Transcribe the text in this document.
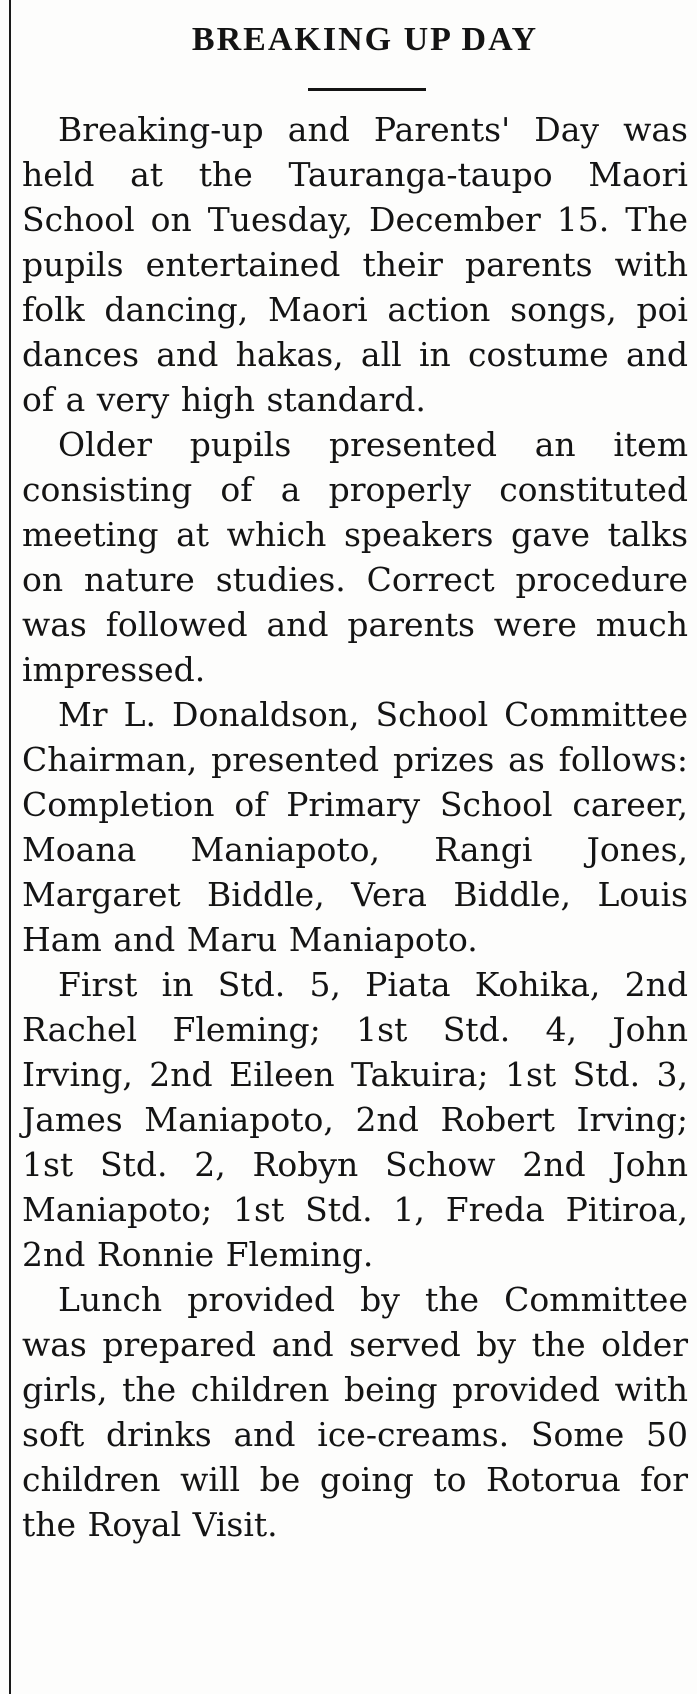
BREAKING UP DAY

Breaking-up and Parents' Day was held at the Tauranga-taupo Maori School on Tuesday, December 15. The pupils entertained their parents with folk dancing, Maori action songs, poi dances and hakas, all in costume and of a very high standard.

Older pupils presented an item consisting of a properly constituted meeting at which speakers gave talks on nature studies. Correct procedure was followed and parents were much impressed.

Mr L. Donaldson, School Committee Chairman, presented prizes as follows: Completion of Primary School career, Moana Maniapoto, Rangi Jones, Margaret Biddle, Vera Biddle, Louis Ham and Maru Maniapoto.

First in Std. 5, Piata Kohika, 2nd Rachel Fleming; 1st Std. 4, John Irving, 2nd Eileen Takuira; 1st Std. 3, James Maniapoto, 2nd Robert Irving; 1st Std. 2, Robyn Schow 2nd John Maniapoto; 1st Std. 1, Freda Pitiroa, 2nd Ronnie Fleming.

Lunch provided by the Committee was prepared and served by the older girls, the children being provided with soft drinks and ice-creams. Some 50 children will be going to Rotorua for the Royal Visit.
